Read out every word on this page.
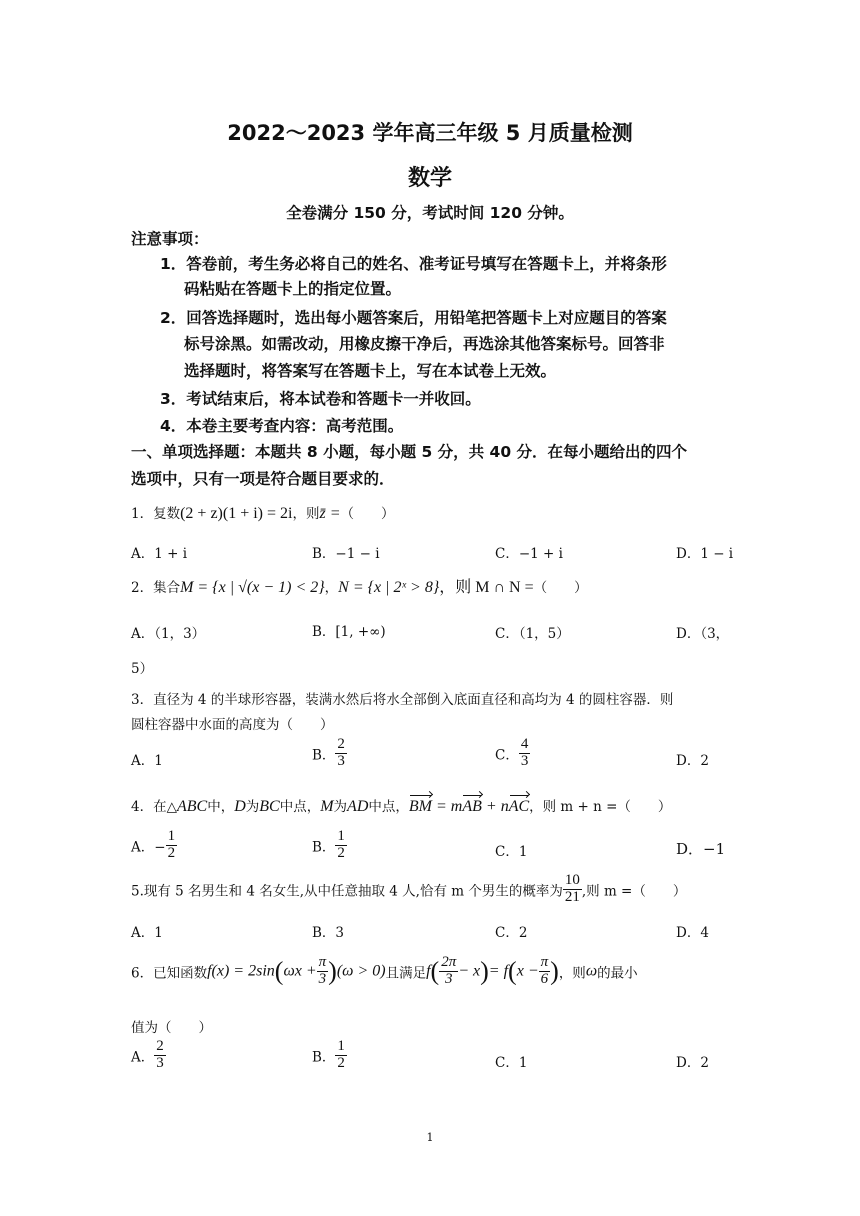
2022～2023 学年高三年级 5 月质量检测
数学
全卷满分 150 分，考试时间 120 分钟。
注意事项：
1．答卷前，考生务必将自己的姓名、准考证号填写在答题卡上，并将条形
码粘贴在答题卡上的指定位置。
2．回答选择题时，选出每小题答案后，用铅笔把答题卡上对应题目的答案
标号涂黑。如需改动，用橡皮擦干净后，再选涂其他答案标号。回答非
选择题时，将答案写在答题卡上，写在本试卷上无效。
3．考试结束后，将本试卷和答题卡一并收回。
4．本卷主要考查内容：高考范围。
一、单项选择题：本题共 8 小题，每小题 5 分，共 40 分．在每小题给出的四个
选项中，只有一项是符合题目要求的．
1．复数(2 + z)(1 + i) = 2i，则z̄ =（　　）
A．1 + i	B．−1 − i	C．−1 + i	D．1 − i
2．集合M = {x | √(x − 1) < 2}，N = {x | 2ˣ > 8}，则 M ∩ N =（　　）
A．（1，3）	B．[1, +∞)	C．（1，5）	D．（3，
5）
3．直径为 4 的半球形容器，装满水然后将水全部倒入底面直径和高均为 4 的圆柱容器．则
圆柱容器中水面的高度为（　　）
A．1	B． $\frac{2}{3}$	C． $\frac{4}{3}$	D．2
4．在△ABC中，D为BC中点，M为AD中点，BM = mAB + nAC，则 m + n =（　　）
A．− $\frac{1}{2}$	B． $\frac{1}{2}$	C．1	D．−1
5.现有 5 名男生和 4 名女生,从中任意抽取 4 人,恰有 m 个男生的概率为 $\frac{10}{21}$ ,则 m =（　　）
A．1	B．3	C．2	D．4
6．已知函数$f(x) = 2\sin(\omega x + \frac{\pi}{3} )(\omega > 0)$且满足$f( \frac{2\pi}{3} - x)= f(x - \frac{\pi}{6}$ )，则ω的最小
值为（　　）
A． $\frac{2}{3}$	B． $\frac{1}{2}$	C．1	D．2
1
